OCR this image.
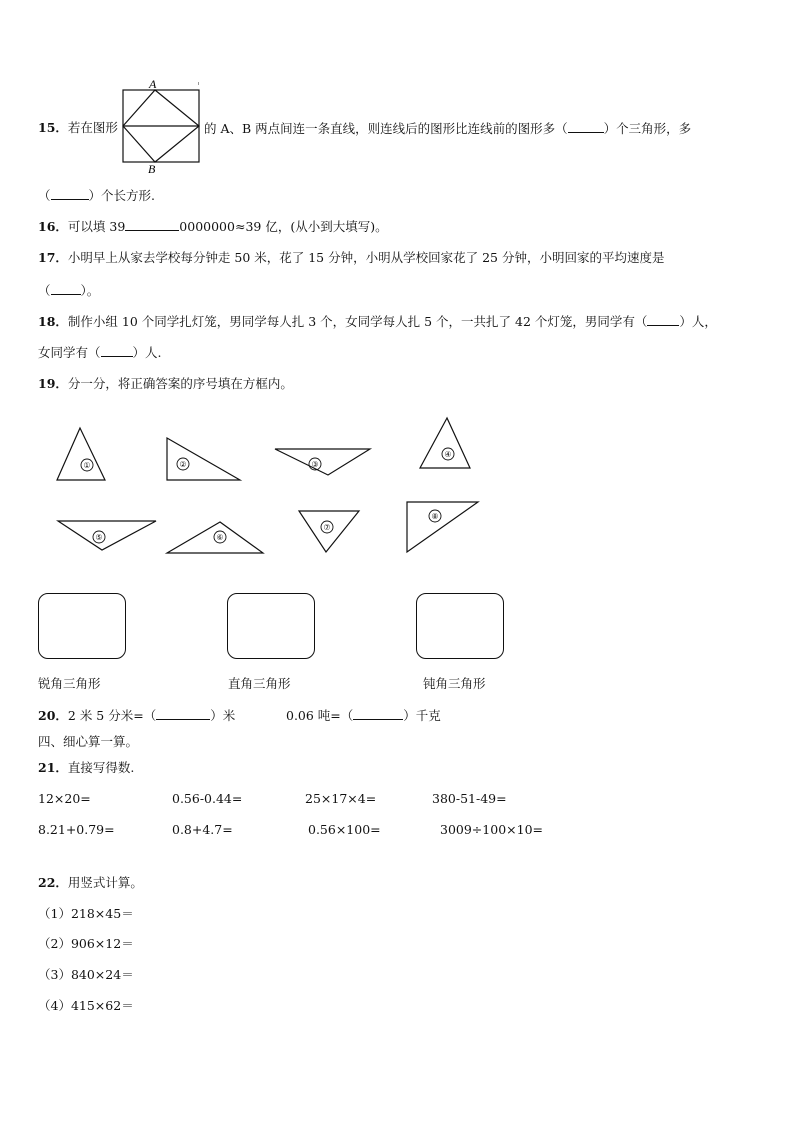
15．若在图形
A
B
的 A、B 两点间连一条直线，则连线后的图形比连线前的图形多（	）个三角形，多
（	）个长方形.
16．可以填 39	0000000≈39 亿，(从小到大填写)。
17．小明早上从家去学校每分钟走 50 米，花了 15 分钟，小明从学校回家花了 25 分钟，小明回家的平均速度是
（ ）。
18．制作小组 10 个同学扎灯笼，男同学每人扎 3 个，女同学每人扎 5 个，一共扎了 42 个灯笼，男同学有（	）人，
女同学有（	）人.
19．分一分，将正确答案的序号填在方框内。
①	②	③
④
⑤	⑥
⑦
⑧
锐角三角形	直角三角形	钝角三角形
20．2 米 5 分米=（	）米	0.06 吨=（	）千克
四、细心算一算。
21．直接写得数.
12×20=	0.56-0.44=	25×17×4=	380-51-49=
8.21+0.79=	0.8+4.7=	0.56×100=	3009÷100×10=
22．用竖式计算。
（1）218×45＝
（2）906×12＝
（3）840×24＝
（4）415×62＝
